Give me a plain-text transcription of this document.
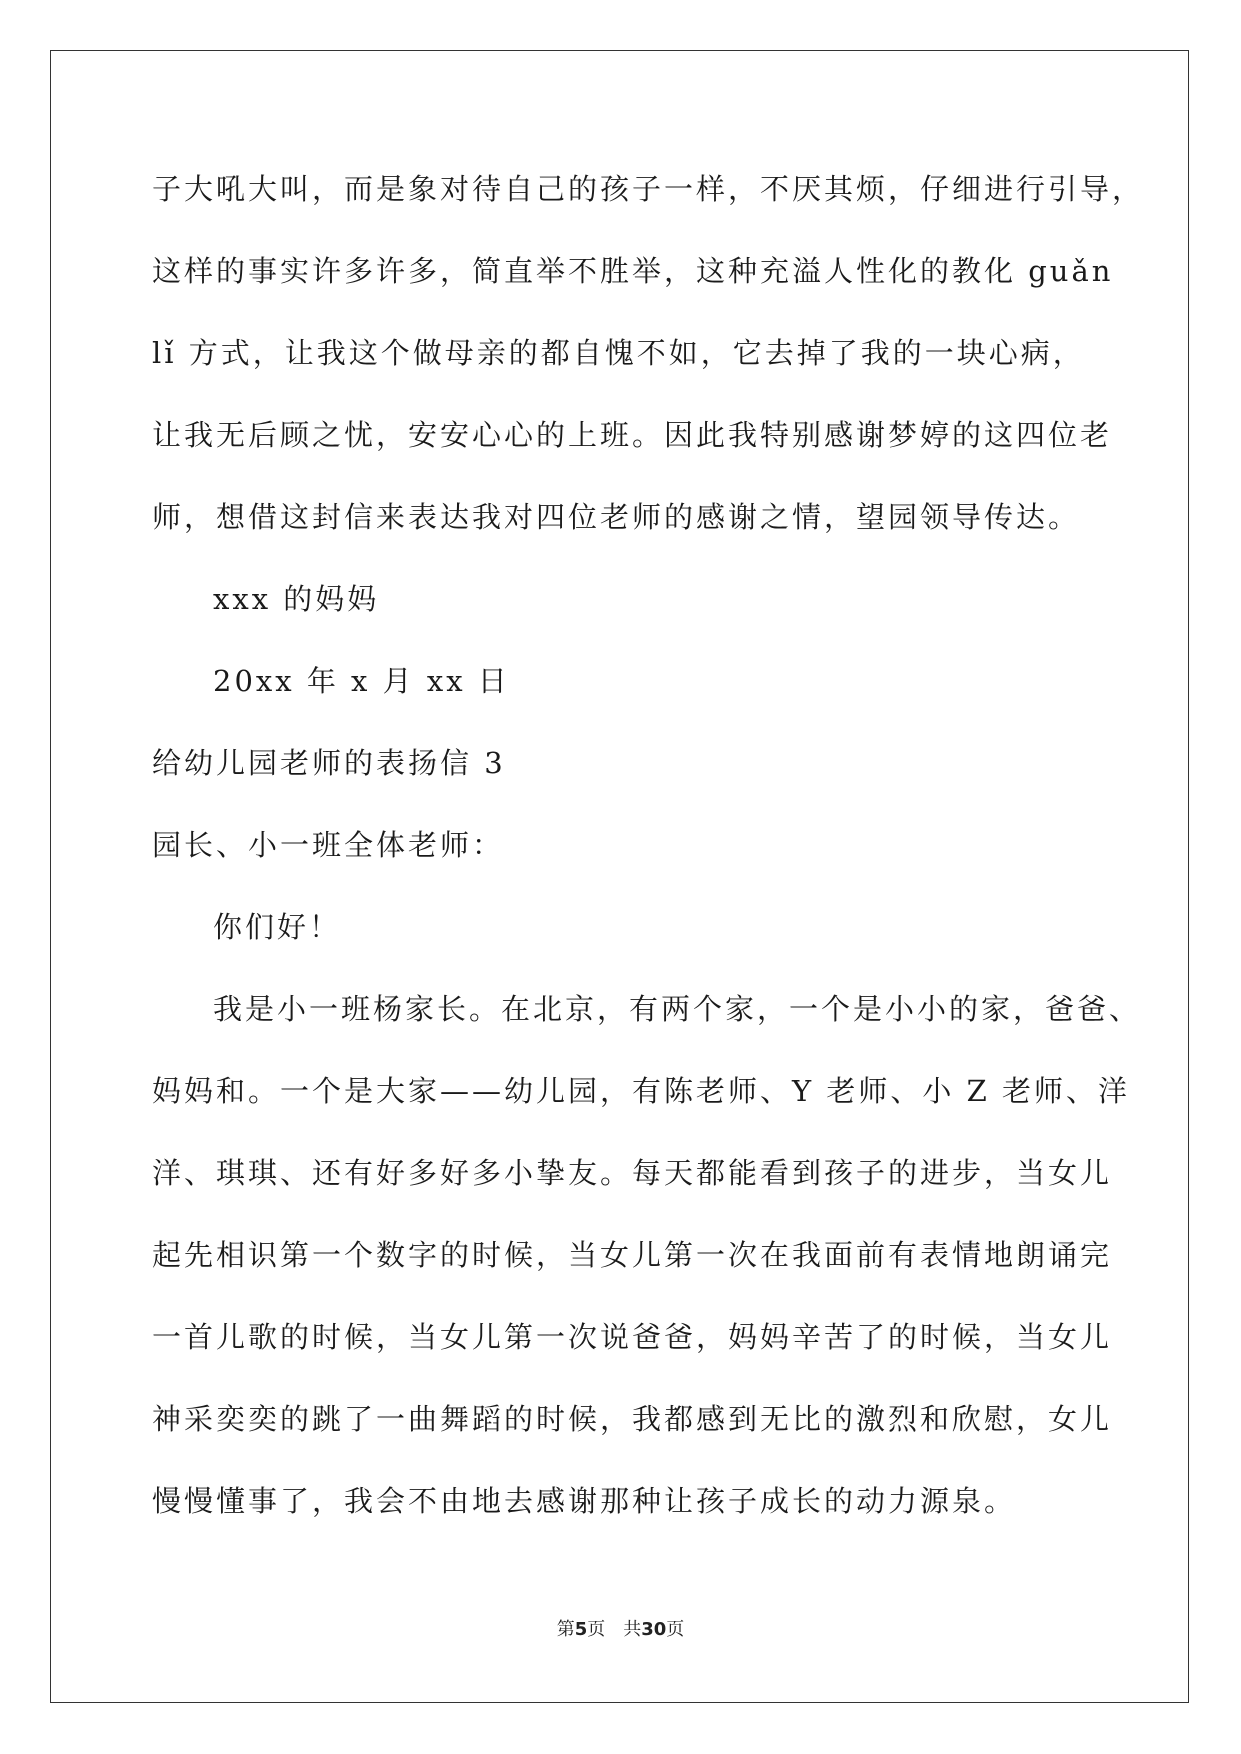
子大吼大叫，而是象对待自己的孩子一样，不厌其烦，仔细进行引导，
这样的事实许多许多，简直举不胜举，这种充溢人性化的教化 guǎn
lǐ 方式，让我这个做母亲的都自愧不如，它去掉了我的一块心病，
让我无后顾之忧，安安心心的上班。因此我特别感谢梦婷的这四位老
师，想借这封信来表达我对四位老师的感谢之情，望园领导传达。
xxx 的妈妈
20xx 年 x 月 xx 日
给幼儿园老师的表扬信 3
园长、小一班全体老师：
你们好！
我是小一班杨家长。在北京，有两个家，一个是小小的家，爸爸、
妈妈和。一个是大家——幼儿园，有陈老师、Y 老师、小 Z 老师、洋
洋、琪琪、还有好多好多小挚友。每天都能看到孩子的进步，当女儿
起先相识第一个数字的时候，当女儿第一次在我面前有表情地朗诵完
一首儿歌的时候，当女儿第一次说爸爸，妈妈辛苦了的时候，当女儿
神采奕奕的跳了一曲舞蹈的时候，我都感到无比的激烈和欣慰，女儿
慢慢懂事了，我会不由地去感谢那种让孩子成长的动力源泉。
第5页　共30页
